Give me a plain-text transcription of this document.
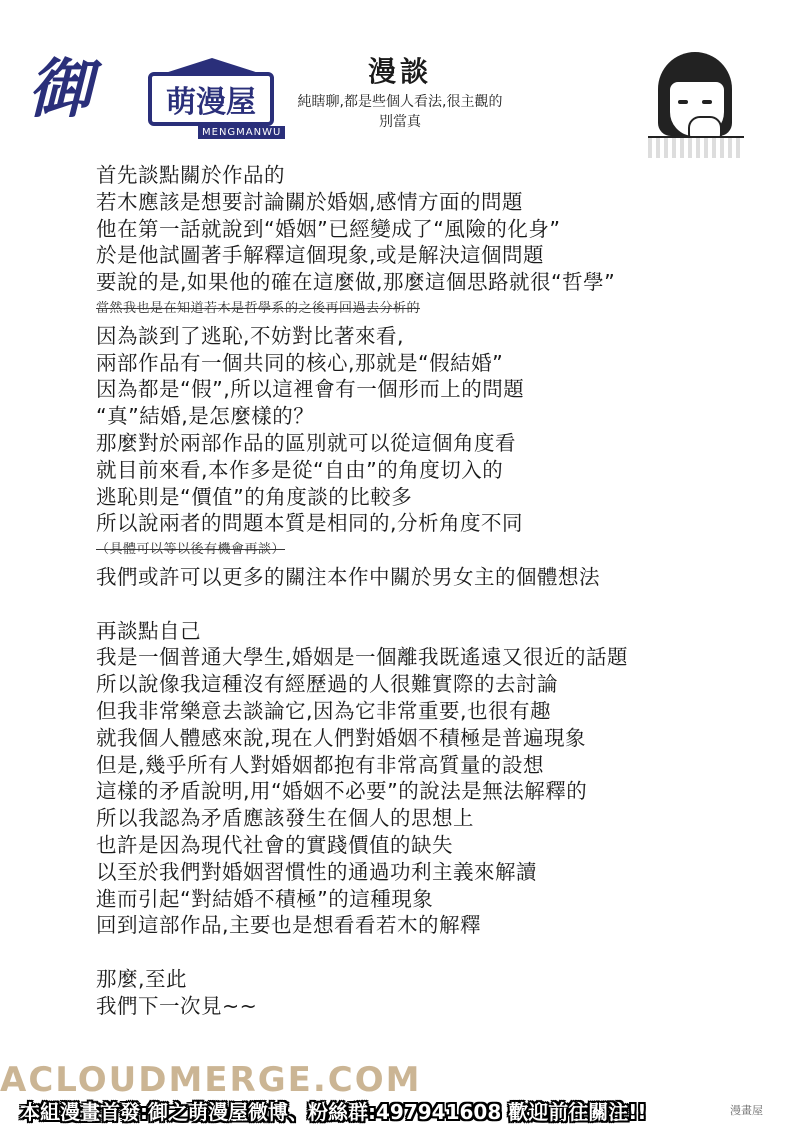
御	萌漫屋
MENGMANWU
漫談
純瞎聊,都是些個人看法,很主觀的
別當真
首先談點關於作品的
若木應該是想要討論關於婚姻,感情方面的問題
他在第一話就說到“婚姻”已經變成了“風險的化身”
於是他試圖著手解釋這個現象,或是解決這個問題
要說的是,如果他的確在這麼做,那麼這個思路就很“哲學”
當然我也是在知道若木是哲學系的之後再回過去分析的
因為談到了逃恥,不妨對比著來看,
兩部作品有一個共同的核心,那就是“假結婚”
因為都是“假”,所以這裡會有一個形而上的問題
“真”結婚,是怎麼樣的？
那麼對於兩部作品的區別就可以從這個角度看
就目前來看,本作多是從“自由”的角度切入的
逃恥則是“價值”的角度談的比較多
所以說兩者的問題本質是相同的,分析角度不同
（具體可以等以後有機會再談）
我們或許可以更多的關注本作中關於男女主的個體想法
再談點自己
我是一個普通大學生,婚姻是一個離我既遙遠又很近的話題
所以說像我這種沒有經歷過的人很難實際的去討論
但我非常樂意去談論它,因為它非常重要,也很有趣
就我個人體感來說,現在人們對婚姻不積極是普遍現象
但是,幾乎所有人對婚姻都抱有非常高質量的設想
這樣的矛盾說明,用“婚姻不必要”的說法是無法解釋的
所以我認為矛盾應該發生在個人的思想上
也許是因為現代社會的實踐價值的缺失
以至於我們對婚姻習慣性的通過功利主義來解讀
進而引起“對結婚不積極”的這種現象
回到這部作品,主要也是想看看若木的解釋
那麼,至此
我們下一次見~~
ACLOUDMERGE.COM
本組漫畫首發:御之萌漫屋微博、粉絲群:497941608 歡迎前往關注!!	漫畫屋
